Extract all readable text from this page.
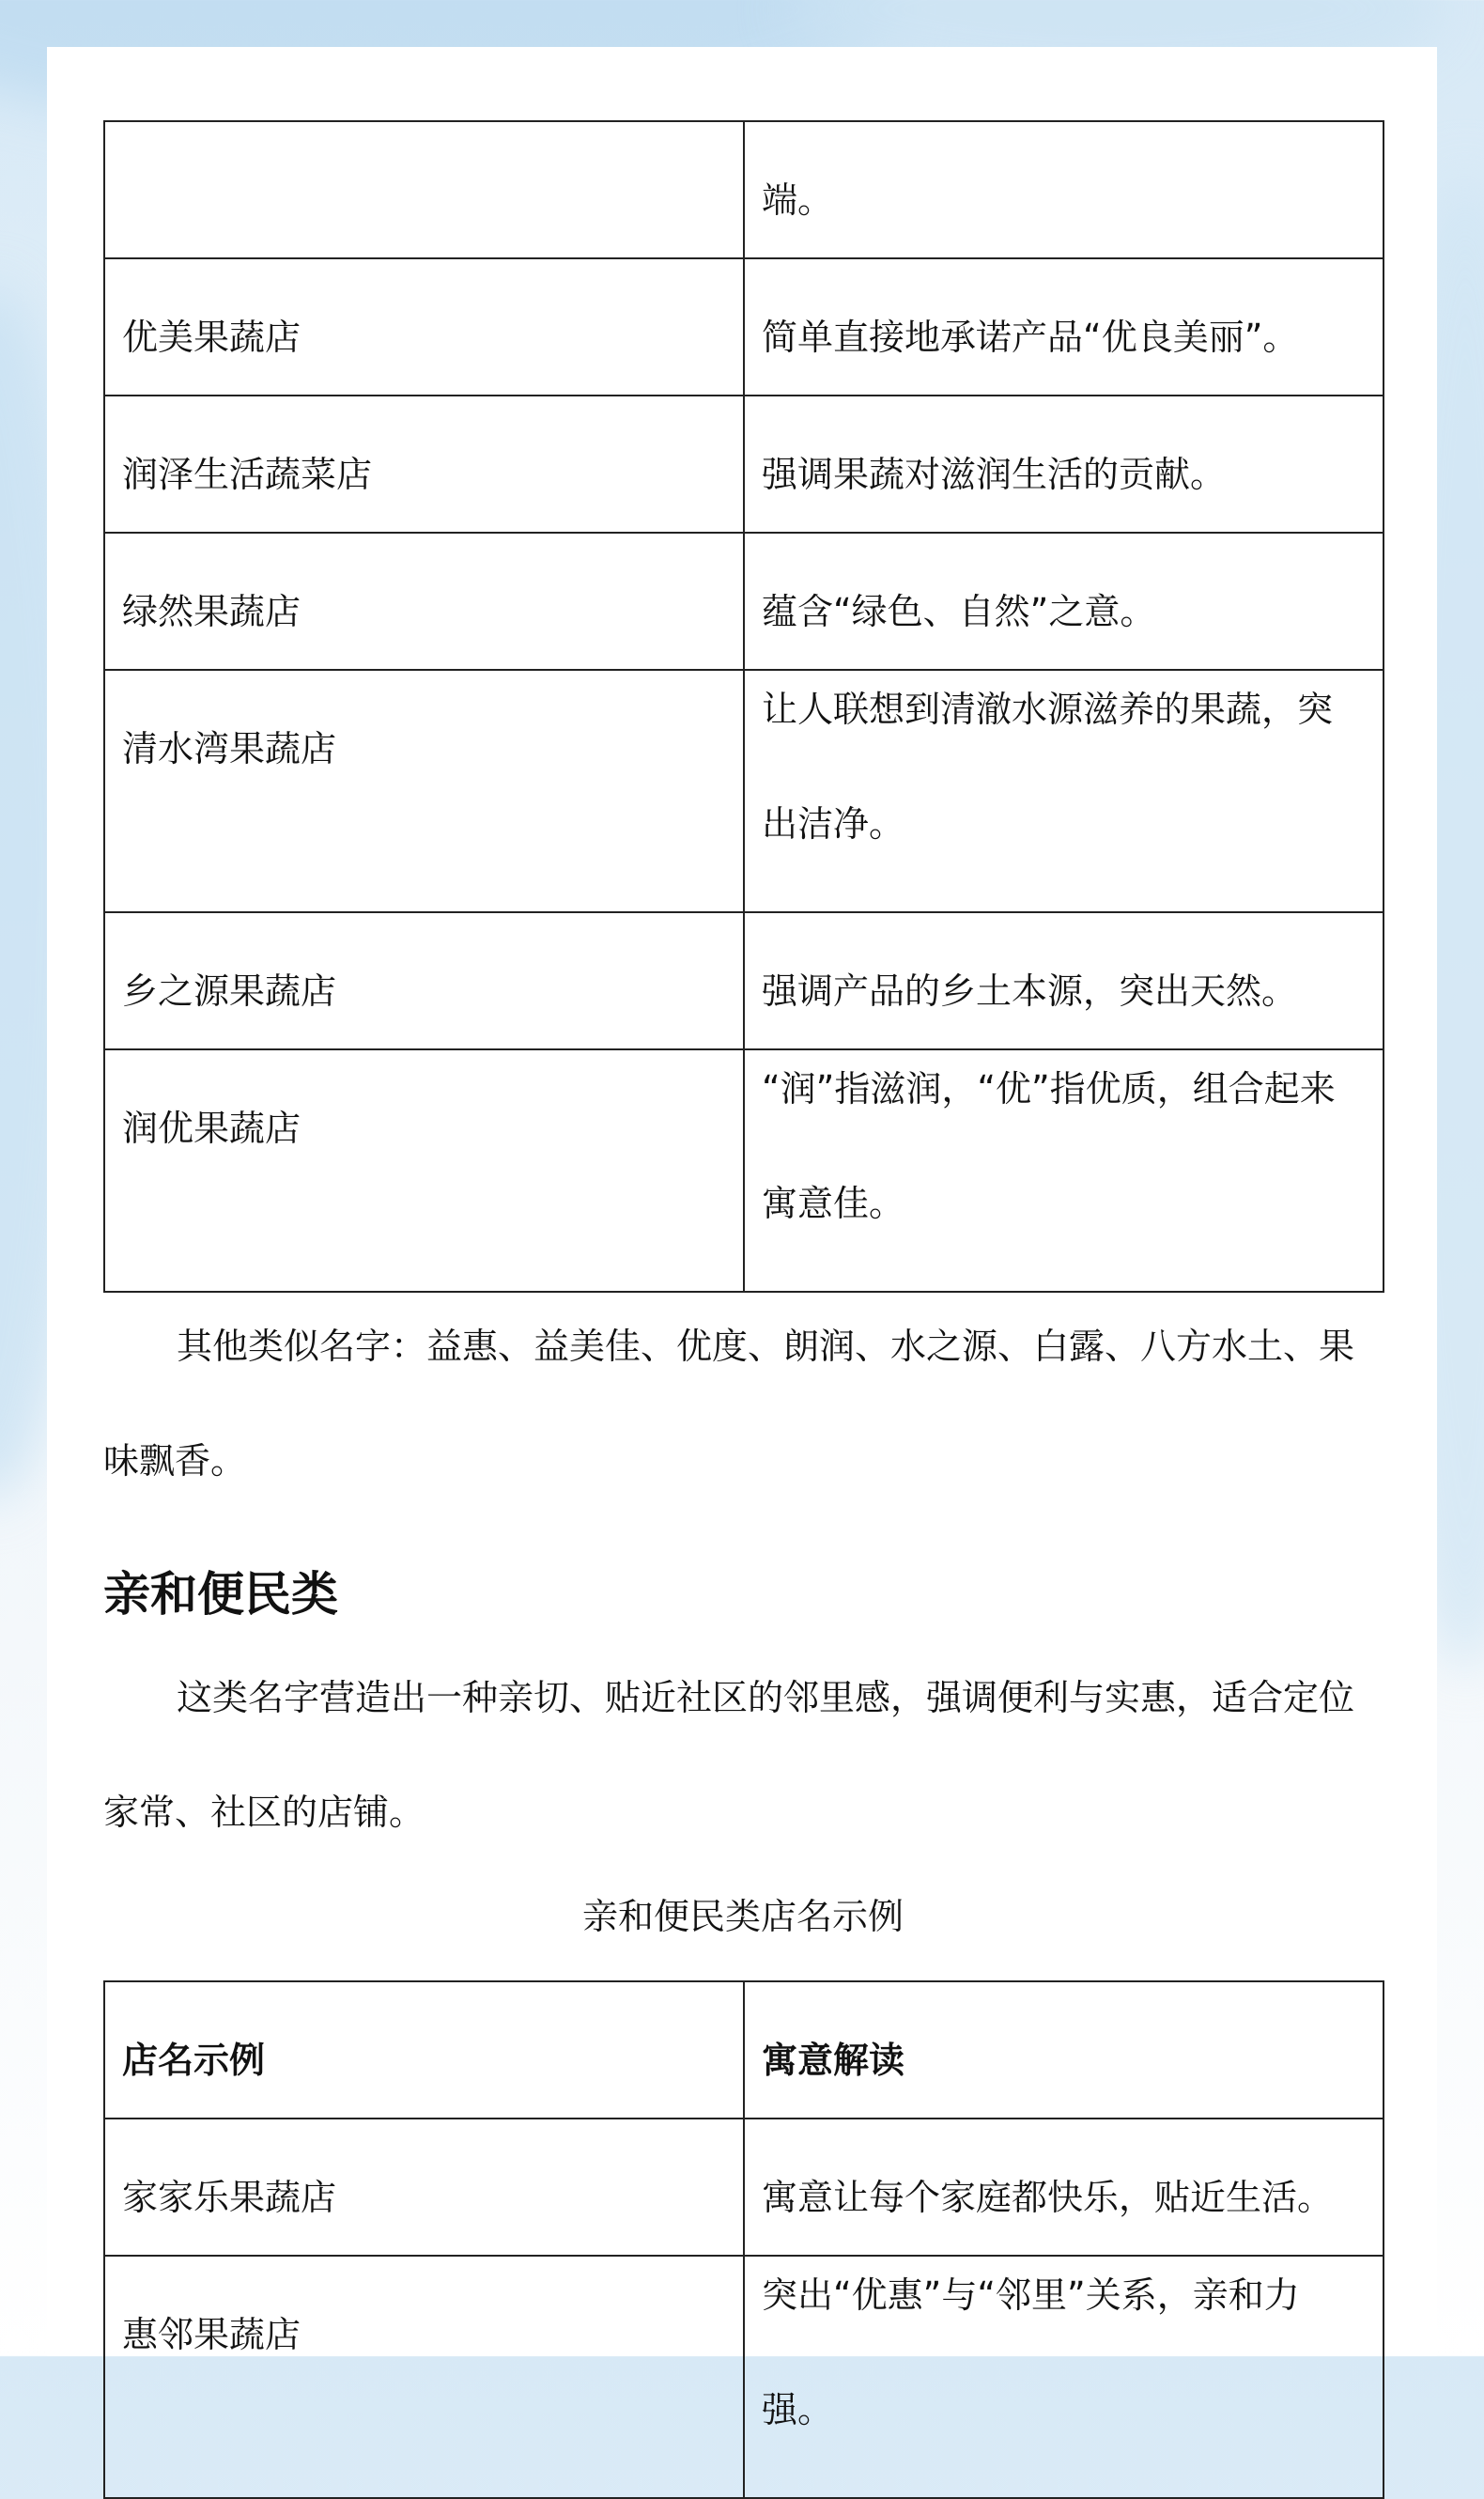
	端。
优美果蔬店	简单直接地承诺产品“优良美丽”。
润泽生活蔬菜店	强调果蔬对滋润生活的贡献。
绿然果蔬店	蕴含“绿色、自然”之意。
清水湾果蔬店	让人联想到清澈水源滋养的果蔬，突出洁净。

乡之源果蔬店	强调产品的乡土本源，突出天然。
润优果蔬店	“润”指滋润，“优”指优质，组合起来寓意佳。

其他类似名字：益惠、益美佳、优度、朗润、水之源、白露、八方水土、果味飘香。

亲和便民类

这类名字营造出一种亲切、贴近社区的邻里感，强调便利与实惠，适合定位家常、社区的店铺。

亲和便民类店名示例

店名示例	寓意解读
家家乐果蔬店	寓意让每个家庭都快乐，贴近生活。
惠邻果蔬店	突出“优惠”与“邻里”关系，亲和力强。
